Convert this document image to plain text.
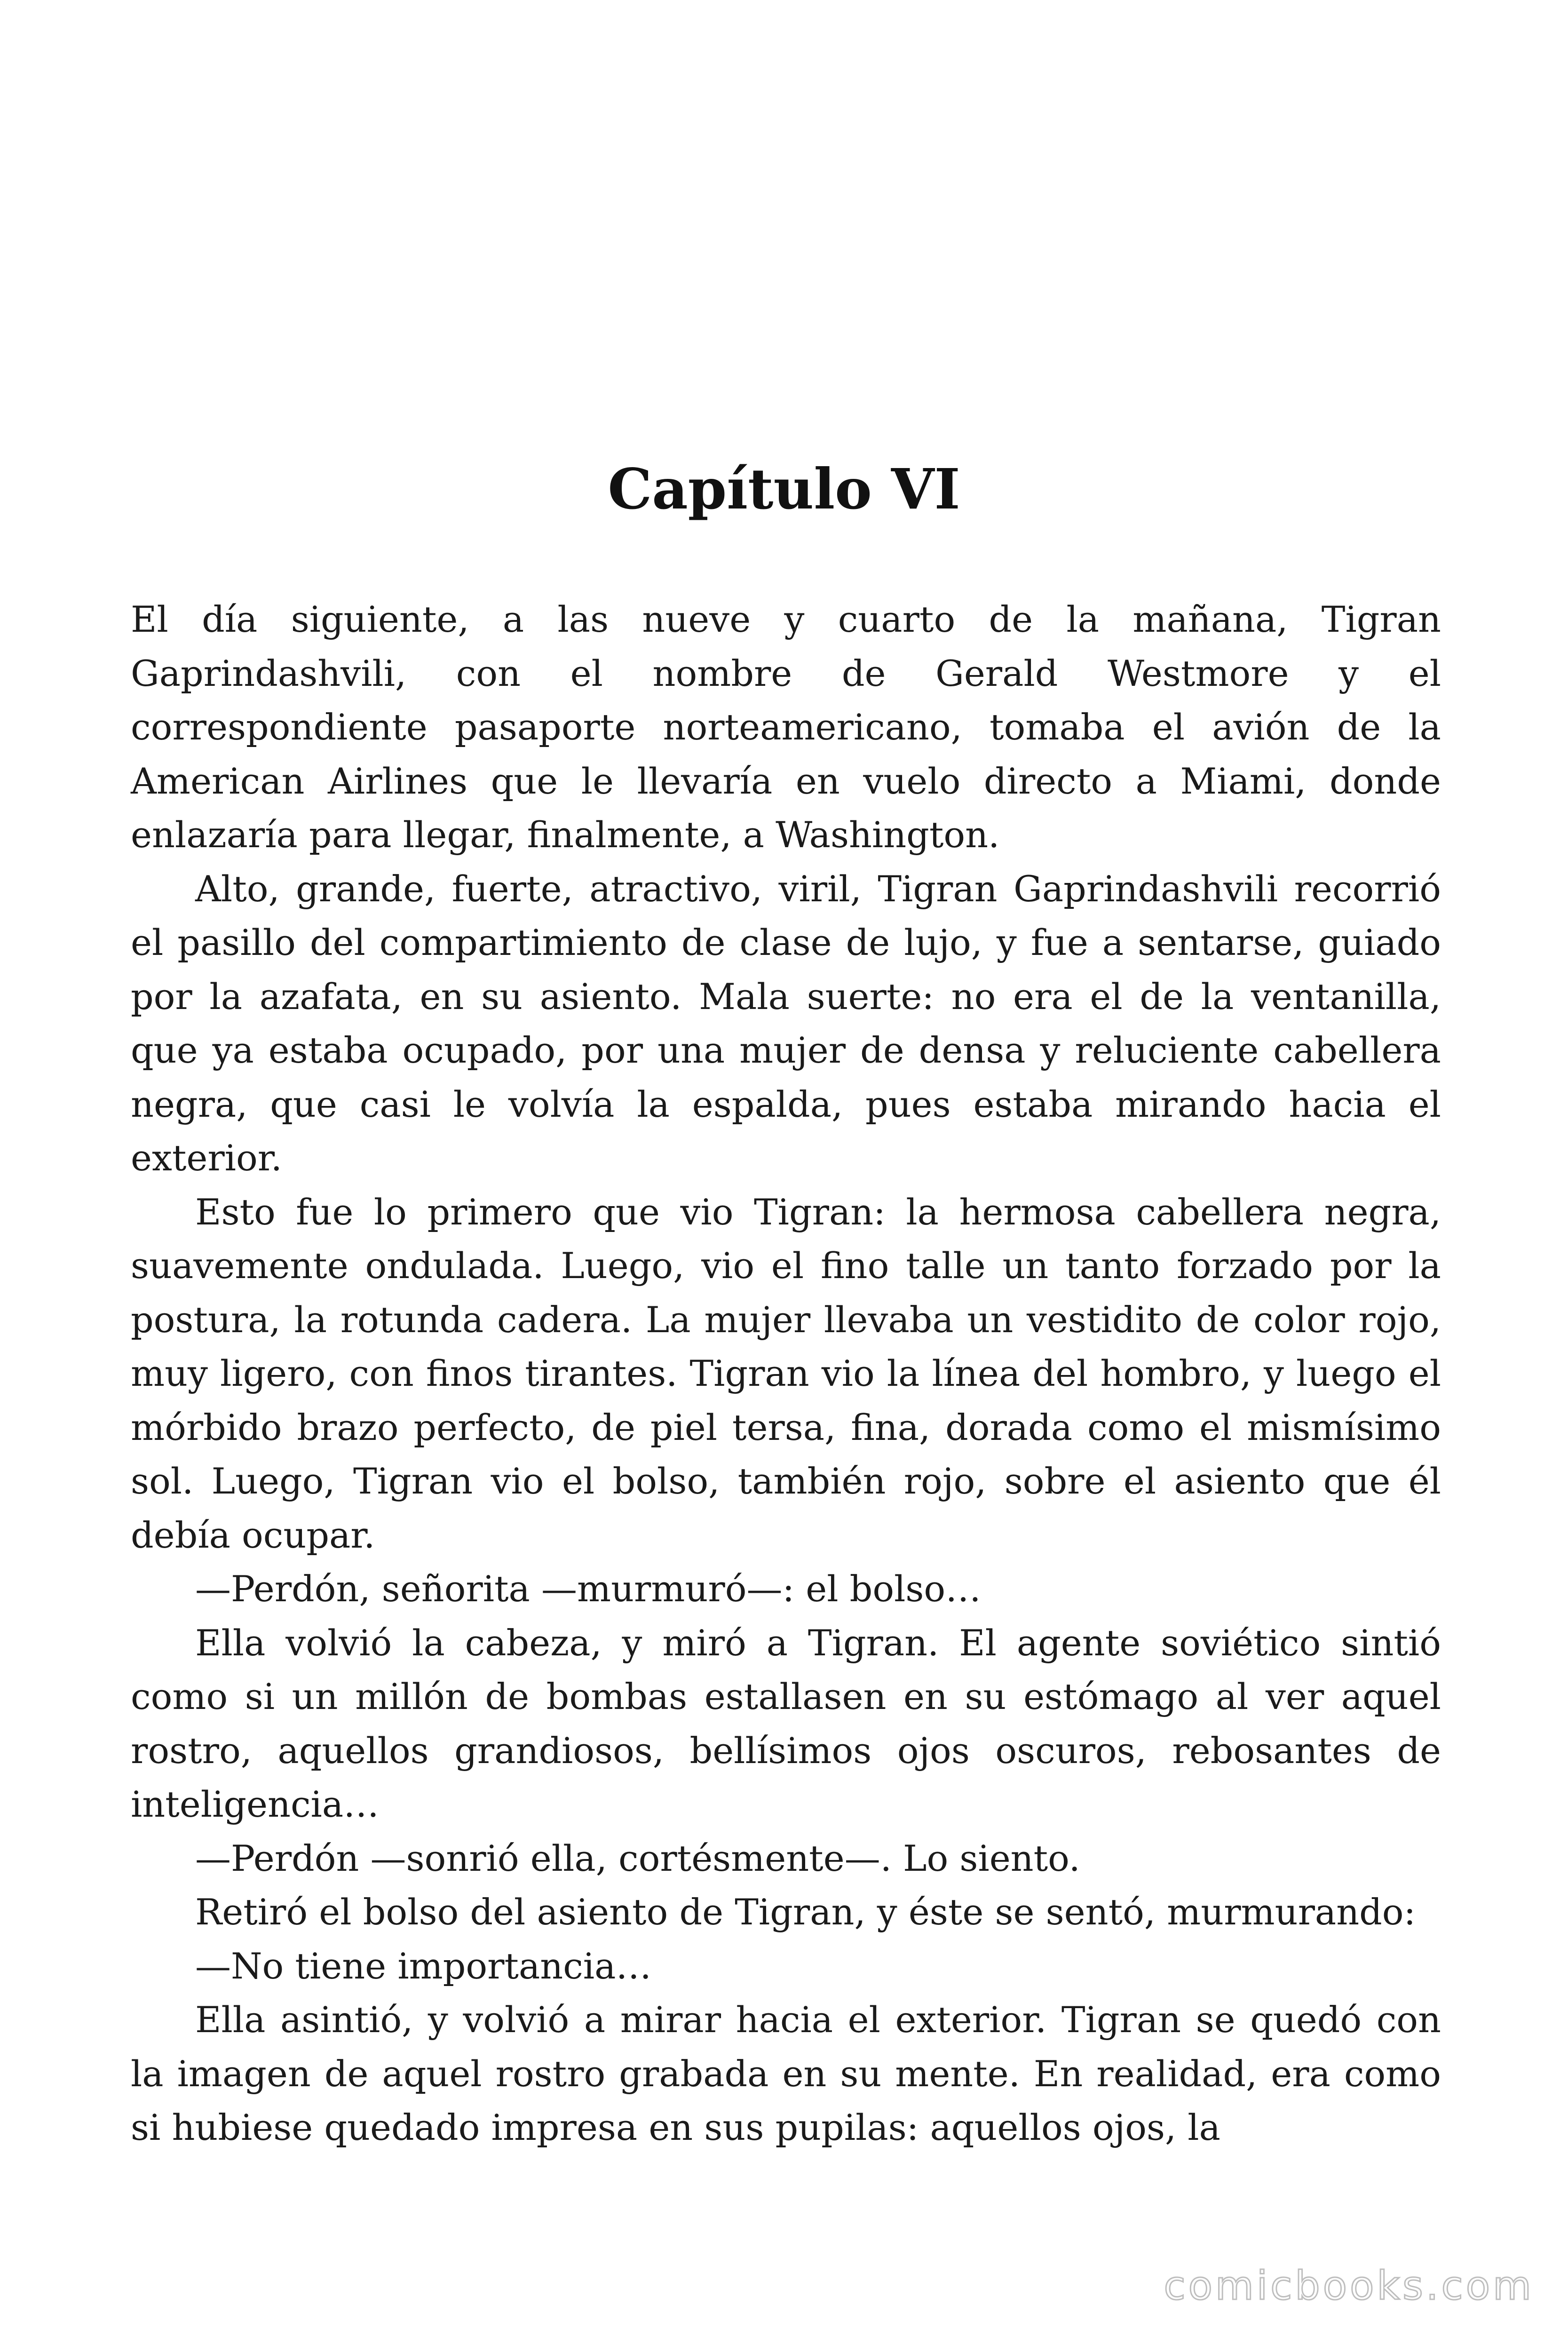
Capítulo VI

El día siguiente, a las nueve y cuarto de la mañana, Tigran Gaprindashvili, con el nombre de Gerald Westmore y el correspondiente pasaporte norteamericano, tomaba el avión de la American Airlines que le llevaría en vuelo directo a Miami, donde enlazaría para llegar, finalmente, a Washington.

Alto, grande, fuerte, atractivo, viril, Tigran Gaprindashvili recorrió el pasillo del compartimiento de clase de lujo, y fue a sentarse, guiado por la azafata, en su asiento. Mala suerte: no era el de la ventanilla, que ya estaba ocupado, por una mujer de densa y reluciente cabellera negra, que casi le volvía la espalda, pues estaba mirando hacia el exterior.

Esto fue lo primero que vio Tigran: la hermosa cabellera negra, suavemente ondulada. Luego, vio el fino talle un tanto forzado por la postura, la rotunda cadera. La mujer llevaba un vestidito de color rojo, muy ligero, con finos tirantes. Tigran vio la línea del hombro, y luego el mórbido brazo perfecto, de piel tersa, fina, dorada como el mismísimo sol. Luego, Tigran vio el bolso, también rojo, sobre el asiento que él debía ocupar.

—Perdón, señorita —murmuró—: el bolso…

Ella volvió la cabeza, y miró a Tigran. El agente soviético sintió como si un millón de bombas estallasen en su estómago al ver aquel rostro, aquellos grandiosos, bellísimos ojos oscuros, rebosantes de inteligencia…

—Perdón —sonrió ella, cortésmente—. Lo siento.

Retiró el bolso del asiento de Tigran, y éste se sentó, murmurando:

—No tiene importancia…

Ella asintió, y volvió a mirar hacia el exterior. Tigran se quedó con la imagen de aquel rostro grabada en su mente. En realidad, era como si hubiese quedado impresa en sus pupilas: aquellos ojos, la

comicbooks.com
